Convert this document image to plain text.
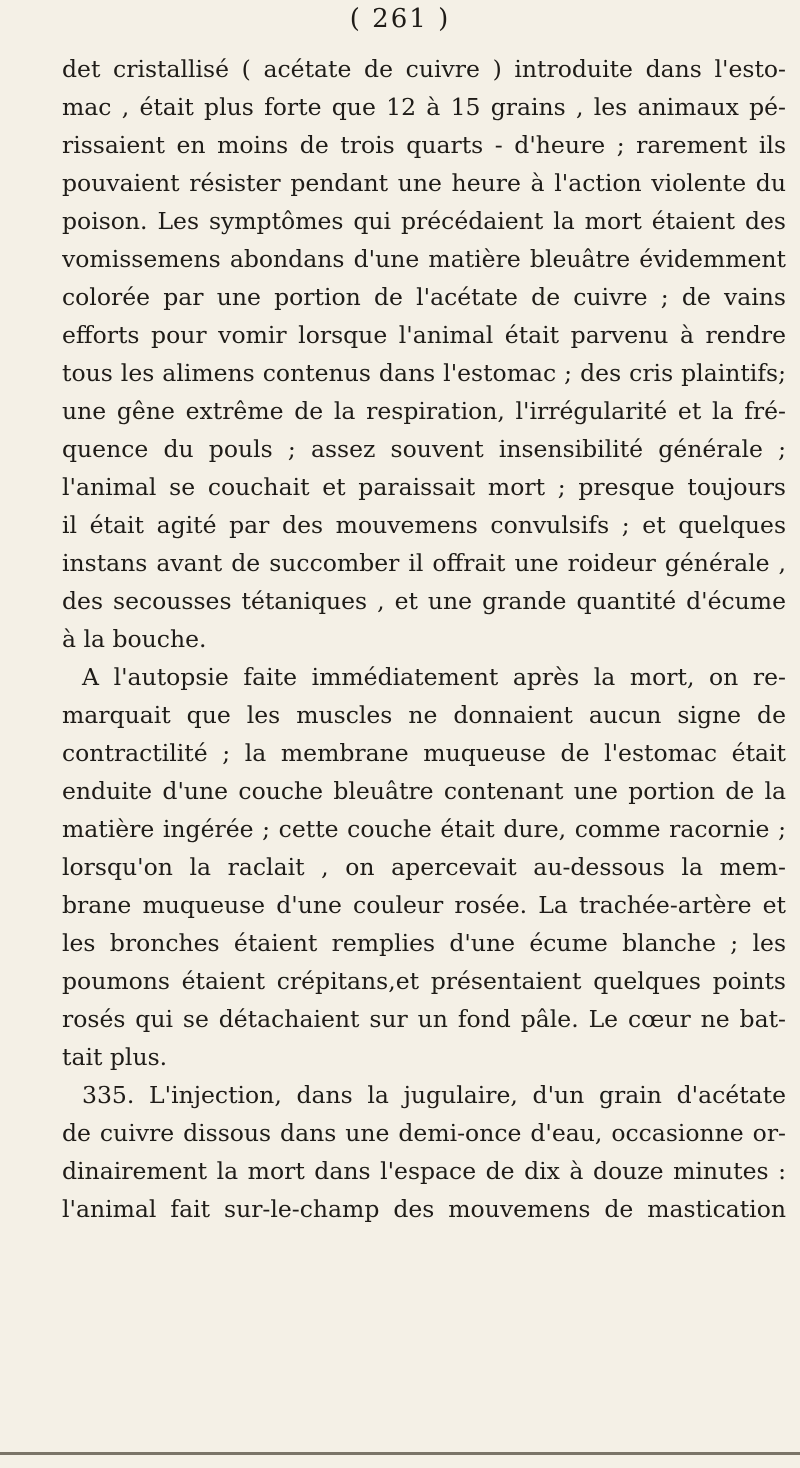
( 261 )
det cristallisé ( acétate de cuivre ) introduite dans l'esto-
mac , était plus forte que 12 à 15 grains , les animaux pé-
rissaient en moins de trois quarts - d'heure ; rarement ils
pouvaient résister pendant une heure à l'action violente du
poison. Les symptômes qui précédaient la mort étaient des
vomissemens abondans d'une matière bleuâtre évidemment
colorée par une portion de l'acétate de cuivre ; de vains
efforts pour vomir lorsque l'animal était parvenu à rendre
tous les alimens contenus dans l'estomac ; des cris plaintifs;
une gêne extrême de la respiration, l'irrégularité et la fré-
quence du pouls ; assez souvent insensibilité générale ;
l'animal se couchait et paraissait mort ; presque toujours
il était agité par des mouvemens convulsifs ; et quelques
instans avant de succomber il offrait une roideur générale ,
des secousses tétaniques , et une grande quantité d'écume
à la bouche.
A l'autopsie faite immédiatement après la mort, on re-
marquait que les muscles ne donnaient aucun signe de
contractilité ; la membrane muqueuse de l'estomac était
enduite d'une couche bleuâtre contenant une portion de la
matière ingérée ; cette couche était dure, comme racornie ;
lorsqu'on la raclait , on apercevait au-dessous la mem-
brane muqueuse d'une couleur rosée. La trachée-artère et
les bronches étaient remplies d'une écume blanche ; les
poumons étaient crépitans,et présentaient quelques points
rosés qui se détachaient sur un fond pâle. Le cœur ne bat-
tait plus.
335. L'injection, dans la jugulaire, d'un grain d'acétate
de cuivre dissous dans une demi-once d'eau, occasionne or-
dinairement la mort dans l'espace de dix à douze minutes :
l'animal fait sur-le-champ des mouvemens de mastication
